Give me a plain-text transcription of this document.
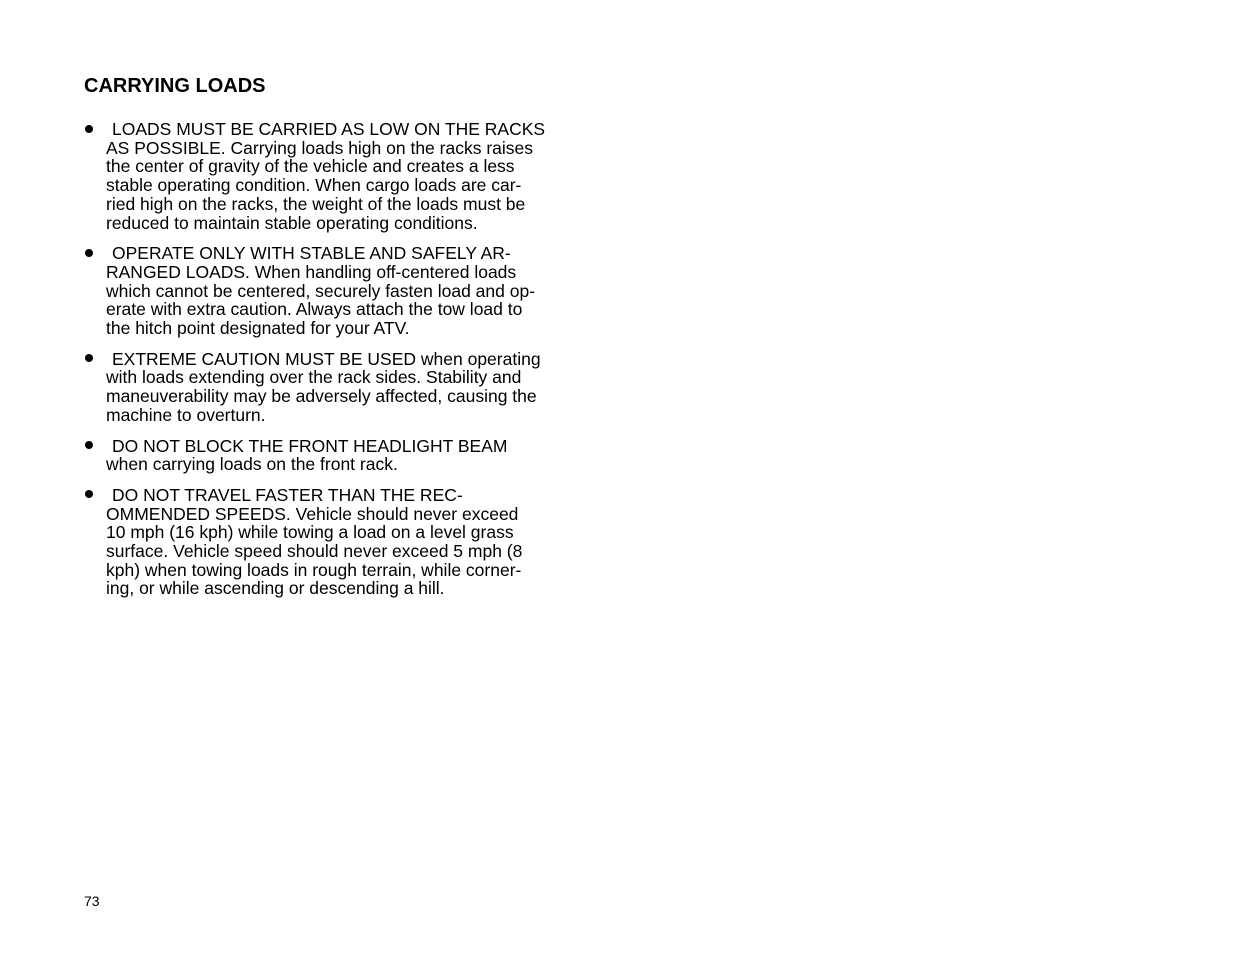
CARRYING LOADS
LOADS MUST BE CARRIED AS LOW ON THE RACKS
AS POSSIBLE. Carrying loads high on the racks raises
the center of gravity of the vehicle and creates a less
stable operating condition. When cargo loads are car-
ried high on the racks, the weight of the loads must be
reduced to maintain stable operating conditions.
OPERATE ONLY WITH STABLE AND SAFELY AR-
RANGED LOADS. When handling off-centered loads
which cannot be centered, securely fasten load and op-
erate with extra caution. Always attach the tow load to
the hitch point designated for your ATV.
EXTREME CAUTION MUST BE USED when operating
with loads extending over the rack sides. Stability and
maneuverability may be adversely affected, causing the
machine to overturn.
DO NOT BLOCK THE FRONT HEADLIGHT BEAM
when carrying loads on the front rack.
DO NOT TRAVEL FASTER THAN THE REC-
OMMENDED SPEEDS. Vehicle should never exceed
10 mph (16 kph) while towing a load on a level grass
surface. Vehicle speed should never exceed 5 mph (8
kph) when towing loads in rough terrain, while corner-
ing, or while ascending or descending a hill.

73
